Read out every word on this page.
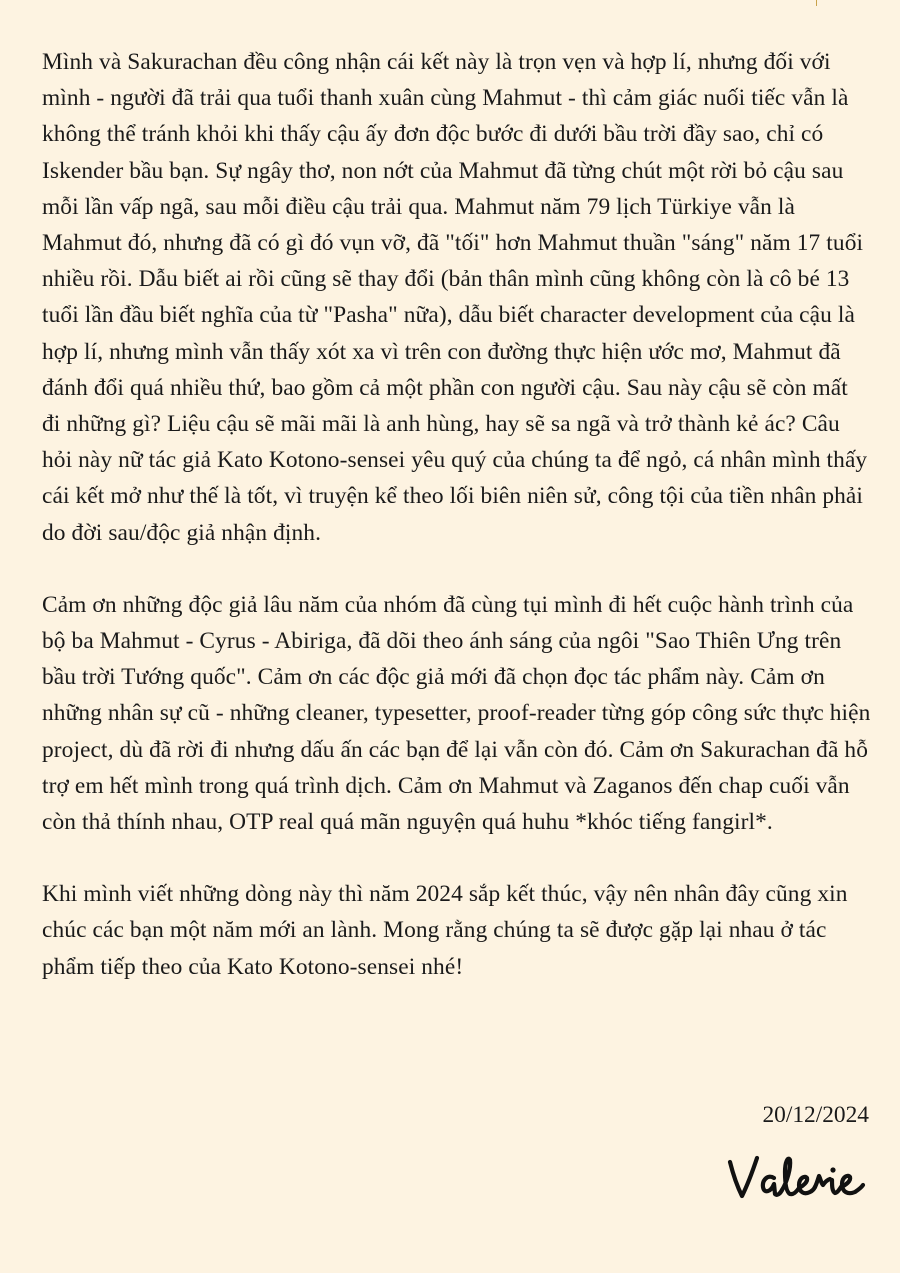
Mình và Sakurachan đều công nhận cái kết này là trọn vẹn và hợp lí, nhưng đối với mình - người đã trải qua tuổi thanh xuân cùng Mahmut - thì cảm giác nuối tiếc vẫn là không thể tránh khỏi khi thấy cậu ấy đơn độc bước đi dưới bầu trời đầy sao, chỉ có Iskender bầu bạn. Sự ngây thơ, non nớt của Mahmut đã từng chút một rời bỏ cậu sau mỗi lần vấp ngã, sau mỗi điều cậu trải qua. Mahmut năm 79 lịch Türkiye vẫn là Mahmut đó, nhưng đã có gì đó vụn vỡ, đã "tối" hơn Mahmut thuần "sáng" năm 17 tuổi nhiều rồi. Dẫu biết ai rồi cũng sẽ thay đổi (bản thân mình cũng không còn là cô bé 13 tuổi lần đầu biết nghĩa của từ "Pasha" nữa), dẫu biết character development của cậu là hợp lí, nhưng mình vẫn thấy xót xa vì trên con đường thực hiện ước mơ, Mahmut đã đánh đổi quá nhiều thứ, bao gồm cả một phần con người cậu. Sau này cậu sẽ còn mất đi những gì? Liệu cậu sẽ mãi mãi là anh hùng, hay sẽ sa ngã và trở thành kẻ ác? Câu hỏi này nữ tác giả Kato Kotono-sensei yêu quý của chúng ta để ngỏ, cá nhân mình thấy cái kết mở như thế là tốt, vì truyện kể theo lối biên niên sử, công tội của tiền nhân phải do đời sau/độc giả nhận định.

Cảm ơn những độc giả lâu năm của nhóm đã cùng tụi mình đi hết cuộc hành trình của bộ ba Mahmut - Cyrus - Abiriga, đã dõi theo ánh sáng của ngôi "Sao Thiên Ưng trên bầu trời Tướng quốc". Cảm ơn các độc giả mới đã chọn đọc tác phẩm này. Cảm ơn những nhân sự cũ - những cleaner, typesetter, proof-reader từng góp công sức thực hiện project, dù đã rời đi nhưng dấu ấn các bạn để lại vẫn còn đó. Cảm ơn Sakurachan đã hỗ trợ em hết mình trong quá trình dịch. Cảm ơn Mahmut và Zaganos đến chap cuối vẫn còn thả thính nhau, OTP real quá mãn nguyện quá huhu *khóc tiếng fangirl*.

Khi mình viết những dòng này thì năm 2024 sắp kết thúc, vậy nên nhân đây cũng xin chúc các bạn một năm mới an lành. Mong rằng chúng ta sẽ được gặp lại nhau ở tác phẩm tiếp theo của Kato Kotono-sensei nhé!

20/12/2024
